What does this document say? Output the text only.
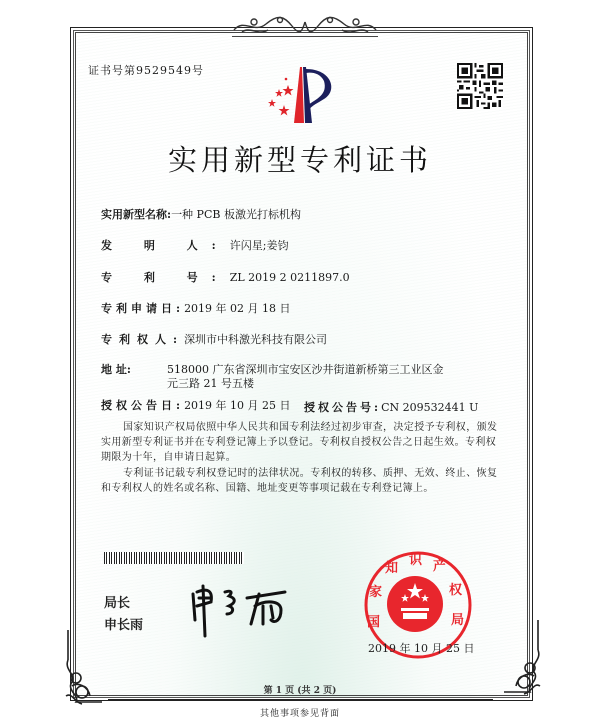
证书号第9529549号
实用新型专利证书
实用新型名称:一种 PCB 板激光打标机构
发 明 人:许闪星;姜钧
专 利 号:ZL 2019 2 0211897.0
专利申请日:2019 年 02 月 18 日
专利权人:深圳市中科激光科技有限公司
地 址:	518000 广东省深圳市宝安区沙井街道新桥第三工业区金
元三路 21 号五楼
授权公告日:2019 年 10 月 25 日 授权公告号:CN 209532441 U

国家知识产权局依照中华人民共和国专利法经过初步审查，决定授予专利权，颁发实用新型专利证书并在专利登记簿上予以登记。专利权自授权公告之日起生效。专利权期限为十年，自申请日起算。

专利证书记载专利权登记时的法律状况。专利权的转移、质押、无效、终止、恢复和专利权人的姓名或名称、国籍、地址变更等事项记载在专利登记簿上。

局长
申长雨	国
家
知
识 产
权
局
2019 年 10 月 25 日
第 1 页 (共 2 页)
其他事项参见背面
